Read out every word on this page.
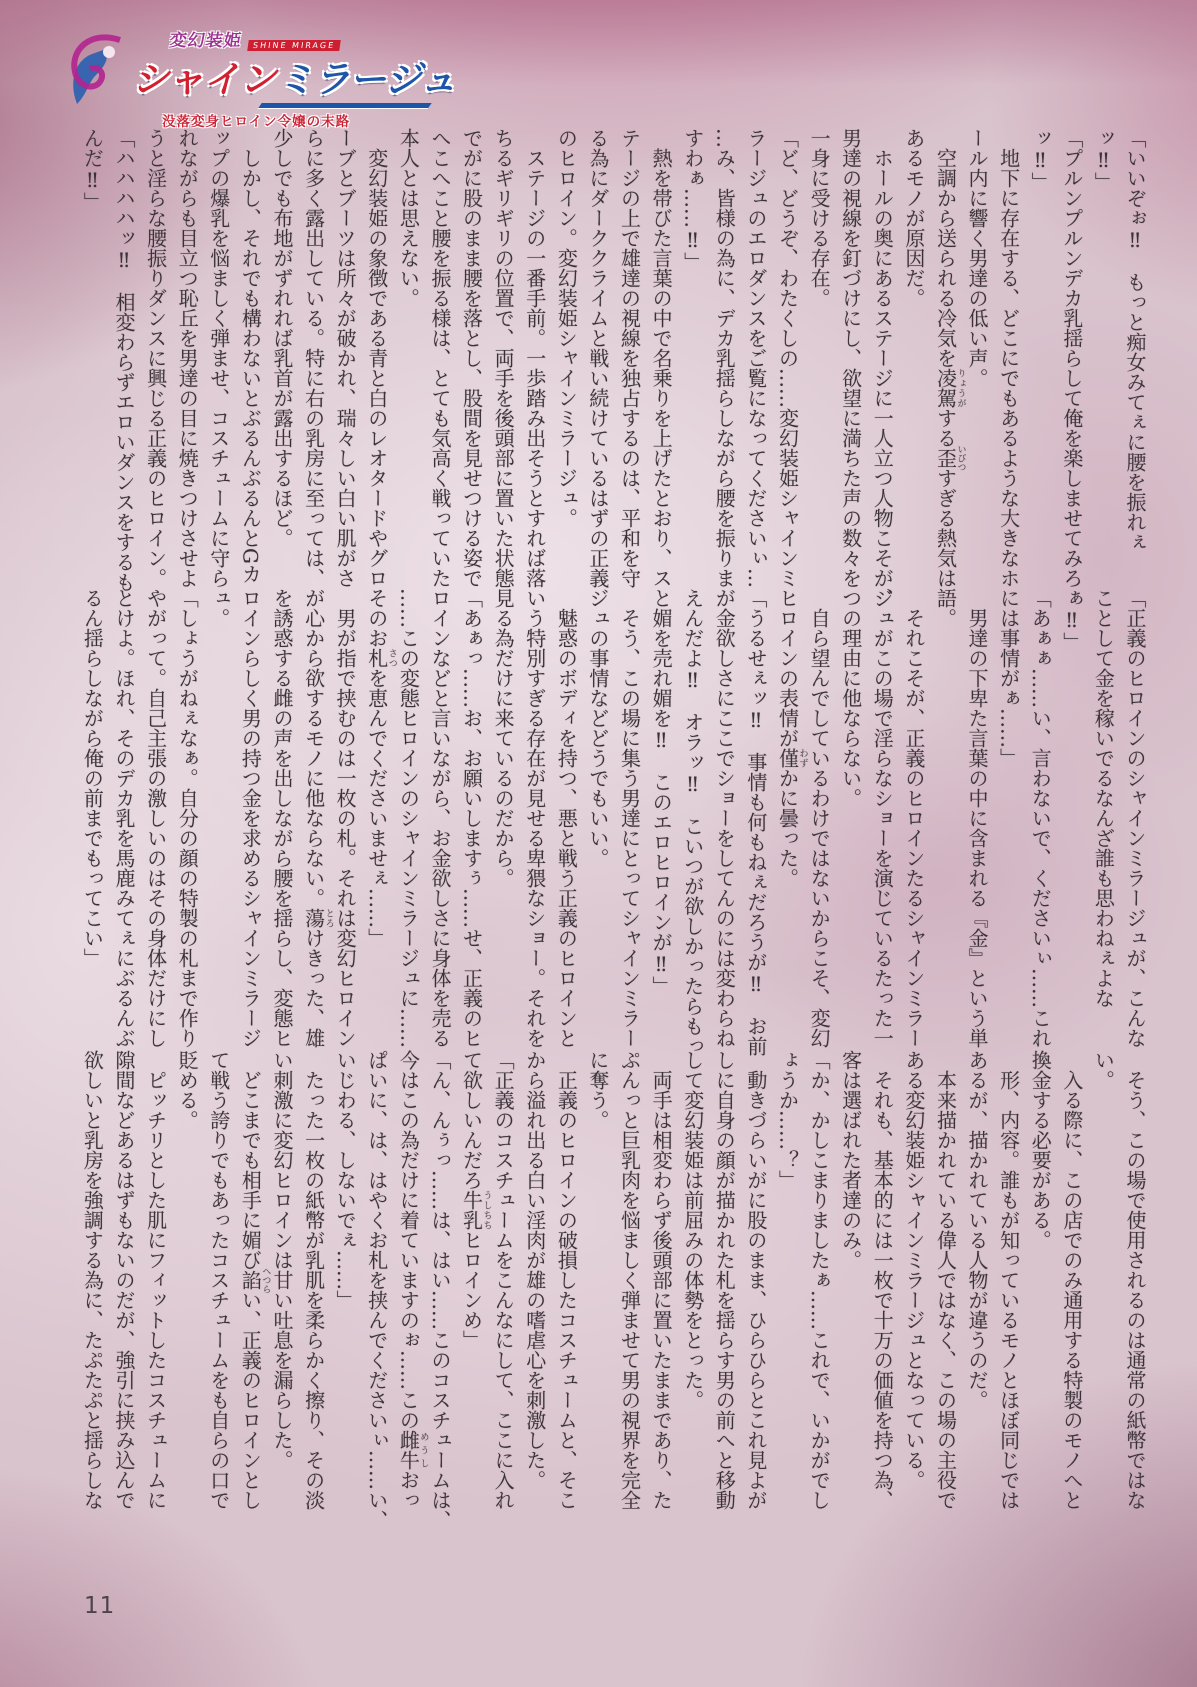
変幻装姫	SHINE MIRAGE
シャインミラージュ
没落変身ヒロイン令嬢の末路
「いいぞぉ‼　もっと痴女みてぇに腰を振れぇ
ッ‼」
「プルンプルンデカ乳揺らして俺を楽しませてみろ
ッ‼」
　地下に存在する、どこにでもあるような大きなホ
ール内に響く男達の低い声。
　空調から送られる冷気を凌駕りょうがする歪いびつすぎる熱気は
あるモノが原因だ。
　ホールの奥にあるステージに一人立つ人物こそが、
男達の視線を釘づけにし、欲望に満ちた声の数々を
一身に受ける存在。
「ど、どうぞ、わたくしの……変幻装姫シャインミ
ラージュのエロダンスをご覧になってくださいぃ…
…み、皆様の為に、デカ乳揺らしながら腰を振りま
すわぁ……‼」
　熱を帯びた言葉の中で名乗りを上げたとおり、ス
テージの上で雄達の視線を独占するのは、平和を守
る為にダーククライムと戦い続けているはずの正義
のヒロイン。変幻装姫シャインミラージュ。
　ステージの一番手前。一歩踏み出そうとすれば落
ちるギリギリの位置で、両手を後頭部に置いた状態
でがに股のまま腰を落とし、股間を見せつける姿で
へこへこと腰を振る様は、とても気高く戦っていた
本人とは思えない。
　変幻装姫の象徴である青と白のレオタードやグロ
ーブとブーツは所々が破かれ、瑞々しい白い肌がさ
らに多く露出している。特に右の乳房に至っては、
少しでも布地がずれれば乳首が露出するほど。
　しかし、それでも構わないとぶるんぶるんとGカ
ップの爆乳を悩ましく弾ませ、コスチュームに守ら
れながらも目立つ恥丘を男達の目に焼きつけさせよ
うと淫らな腰振りダンスに興じる正義のヒロイン。
「ハハハハッ‼　相変わらずエロいダンスをするも
んだ‼」
「正義のヒロインのシャインミラージュが、こんな
ことして金を稼いでるなんざ誰も思わねぇよな
ぁ‼」
「あぁぁ……い、言わないで、くださいぃ……これ
には事情がぁ……」
　男達の下卑た言葉の中に含まれる『金』という単
語。
　それこそが、正義のヒロインたるシャインミラー
ジュがこの場で淫らなショーを演じているたった一
つの理由に他ならない。
　自ら望んでしているわけではないからこそ、変幻
ヒロインの表情が僅わずかに曇った。
「うるせぇッ‼　事情も何もねぇだろうが‼　お前
が金欲しさにここでショーをしてんのには変わらね
えんだよ‼　オラッ‼　こいつが欲しかったらもっ
と媚を売れ媚を‼　このエロヒロインが‼」
　そう、この場に集う男達にとってシャインミラー
ジュの事情などどうでもいい。
　魅惑のボディを持つ、悪と戦う正義のヒロインと
いう特別すぎる存在が見せる卑猥なショー。それを
見る為だけに来ているのだから。
「あぁっ……お、お願いしますぅ……せ、正義のヒ
ロインなどと言いながら、お金欲しさに身体を売る
……この変態ヒロインのシャインミラージュに……
そのお札さつを恵んでくださいませぇ……」
　男が指で挟むのは一枚の札。それは変幻ヒロイン
が心から欲するモノに他ならない。蕩とろけきった、雄
を誘惑する雌の声を出しながら腰を揺らし、変態ヒ
ロインらしく男の持つ金を求めるシャインミラージ
ュ。
「しょうがねぇなぁ。自分の顔の特製の札まで作り
やがって。自己主張の激しいのはその身体だけにし
とけよ。ほれ、そのデカ乳を馬鹿みてぇにぶるんぶ
るん揺らしながら俺の前までもってこい」
　そう、この場で使用されるのは通常の紙幣ではな
い。
　入る際に、この店でのみ通用する特製のモノへと
換金する必要がある。
　形、内容。誰もが知っているモノとほぼ同じでは
あるが、描かれている人物が違うのだ。
　本来描かれている偉人ではなく、この場の主役で
ある変幻装姫シャインミラージュとなっている。
　それも、基本的には一枚で十万の価値を持つ為、
客は選ばれた者達のみ。
「か、かしこまりましたぁ……これで、いかがでし
ょうか……？」
　動きづらいがに股のまま、ひらひらとこれ見よが
しに自身の顔が描かれた札を揺らす男の前へと移動
して変幻装姫は前屈みの体勢をとった。
　両手は相変わらず後頭部に置いたままであり、た
ぷんっと巨乳肉を悩ましく弾ませて男の視界を完全
に奪う。
　正義のヒロインの破損したコスチュームと、そこ
から溢れ出る白い淫肉が雄の嗜虐心を刺激した。
「正義のコスチュームをこんなにして、ここに入れ
て欲しいんだろ牛乳うしちちヒロインめ」
「ん、んぅっ……は、はい……このコスチュームは、
今はこの為だけに着ていますのぉ……この雌牛めうしおっ
ぱいに、は、はやくお札を挟んでくださいぃ……い、
いじわる、しないでぇ……」
　たった一枚の紙幣が乳肌を柔らかく擦り、その淡
い刺激に変幻ヒロインは甘い吐息を漏らした。
　どこまでも相手に媚び諂へつらい、正義のヒロインとし
て戦う誇りでもあったコスチュームをも自らの口で
貶める。
　ピッチリとした肌にフィットしたコスチュームに
隙間などあるはずもないのだが、強引に挟み込んで
欲しいと乳房を強調する為に、たぷたぷと揺らしな
11
